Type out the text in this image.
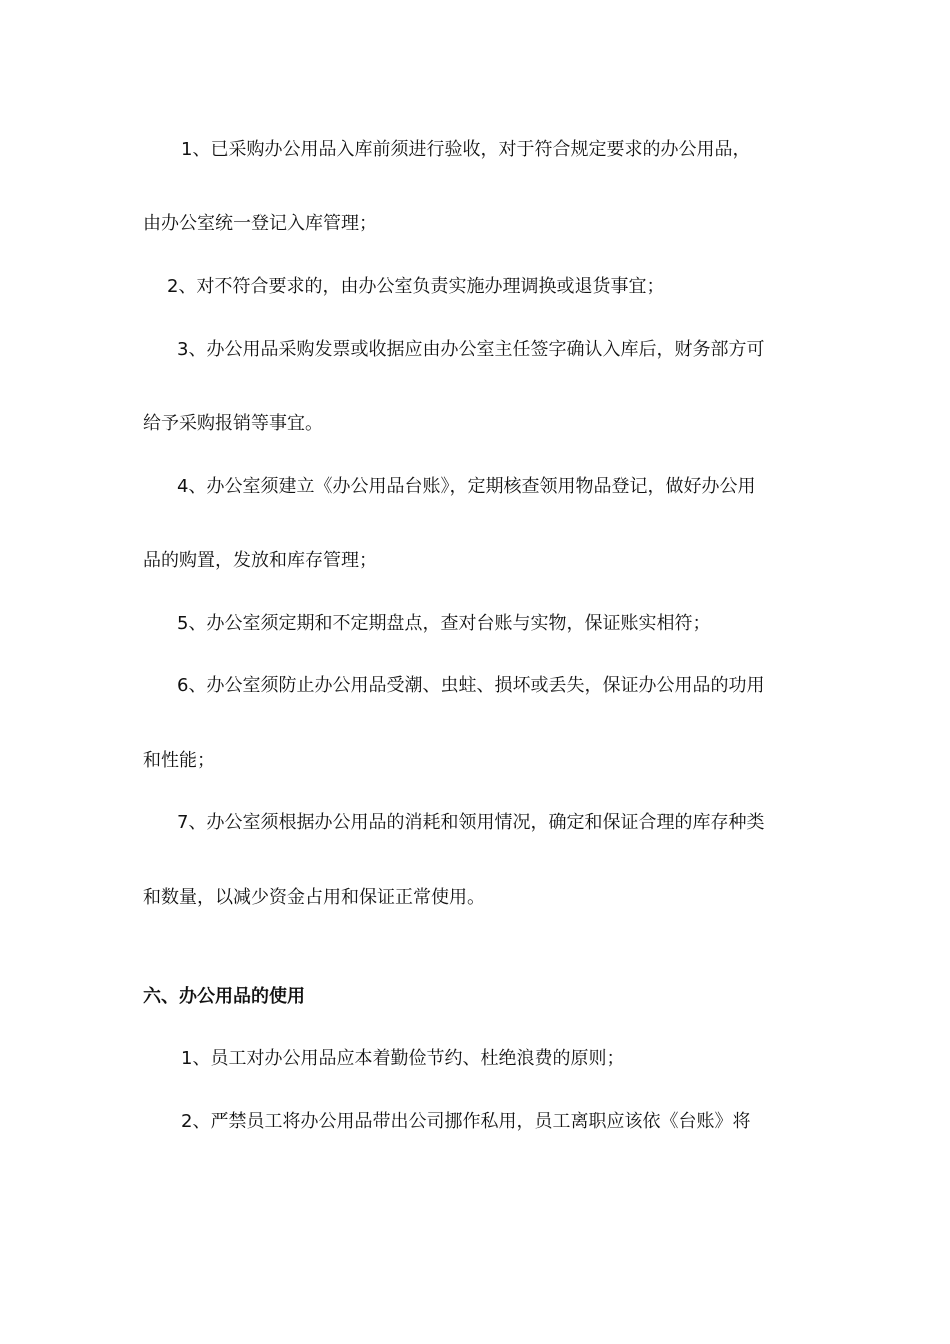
1、已采购办公用品入库前须进行验收，对于符合规定要求的办公用品，

由办公室统一登记入库管理；

2、对不符合要求的，由办公室负责实施办理调换或退货事宜；

3、办公用品采购发票或收据应由办公室主任签字确认入库后，财务部方可

给予采购报销等事宜。

4、办公室须建立《办公用品台账》，定期核查领用物品登记，做好办公用

品的购置，发放和库存管理；

5、办公室须定期和不定期盘点，查对台账与实物，保证账实相符；

6、办公室须防止办公用品受潮、虫蛀、损坏或丢失，保证办公用品的功用

和性能；

7、办公室须根据办公用品的消耗和领用情况，确定和保证合理的库存种类

和数量，以减少资金占用和保证正常使用。

六、办公用品的使用

1、员工对办公用品应本着勤俭节约、杜绝浪费的原则；

2、严禁员工将办公用品带出公司挪作私用，员工离职应该依《台账》将
